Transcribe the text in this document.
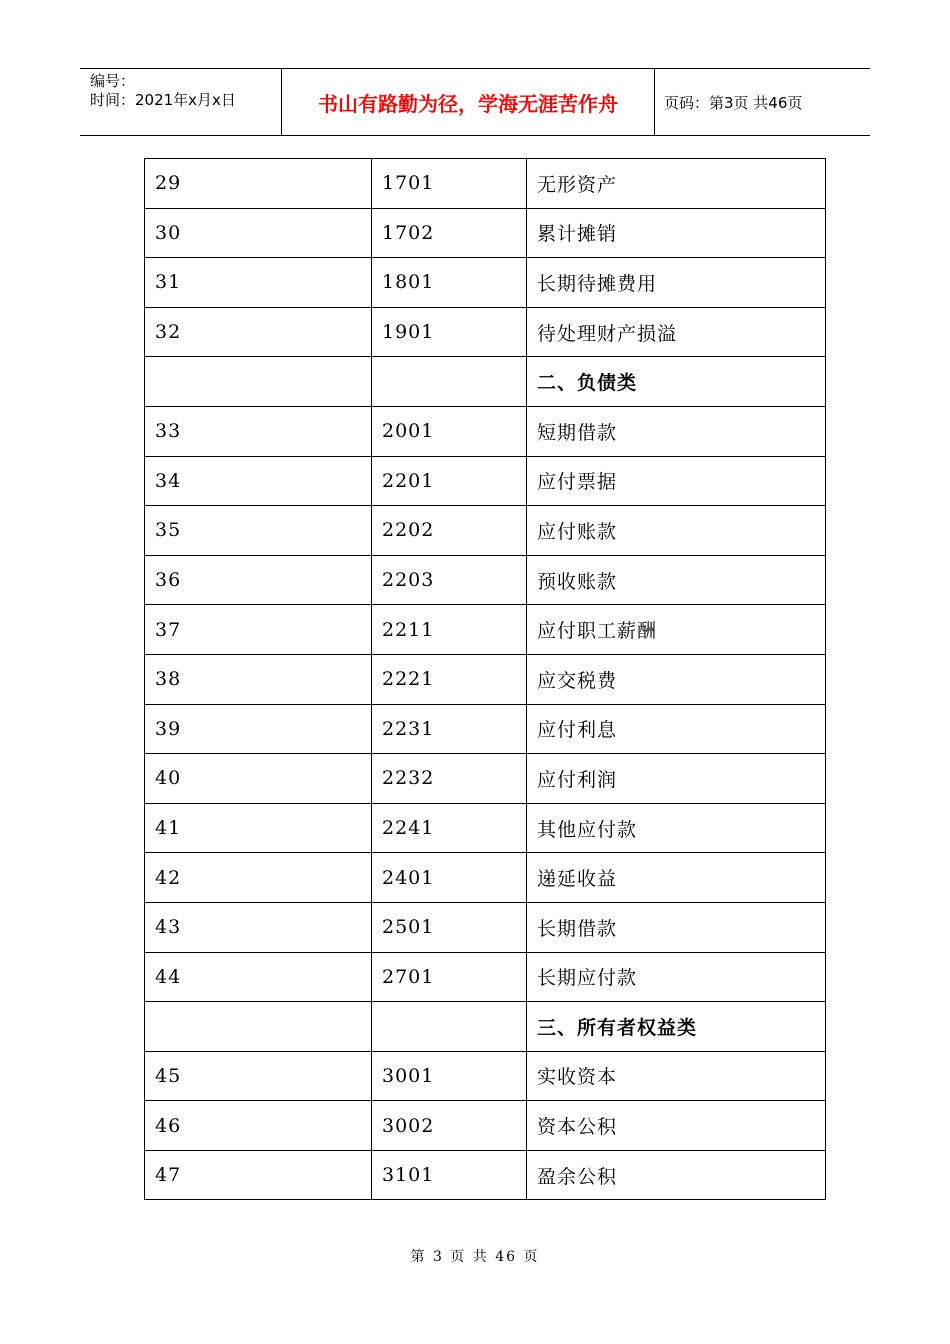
编号：
时间：2021年x月x日	书山有路勤为径，学海无涯苦作舟	页码：第3页 共46页
29	1701	无形资产
30	1702	累计摊销
31	1801	长期待摊费用
32	1901	待处理财产损溢
		二、负债类
33	2001	短期借款
34	2201	应付票据
35	2202	应付账款
36	2203	预收账款
37	2211	应付职工薪酬
38	2221	应交税费
39	2231	应付利息
40	2232	应付利润
41	2241	其他应付款
42	2401	递延收益
43	2501	长期借款
44	2701	长期应付款
		三、所有者权益类
45	3001	实收资本
46	3002	资本公积
47	3101	盈余公积
第 3 页 共 46 页
